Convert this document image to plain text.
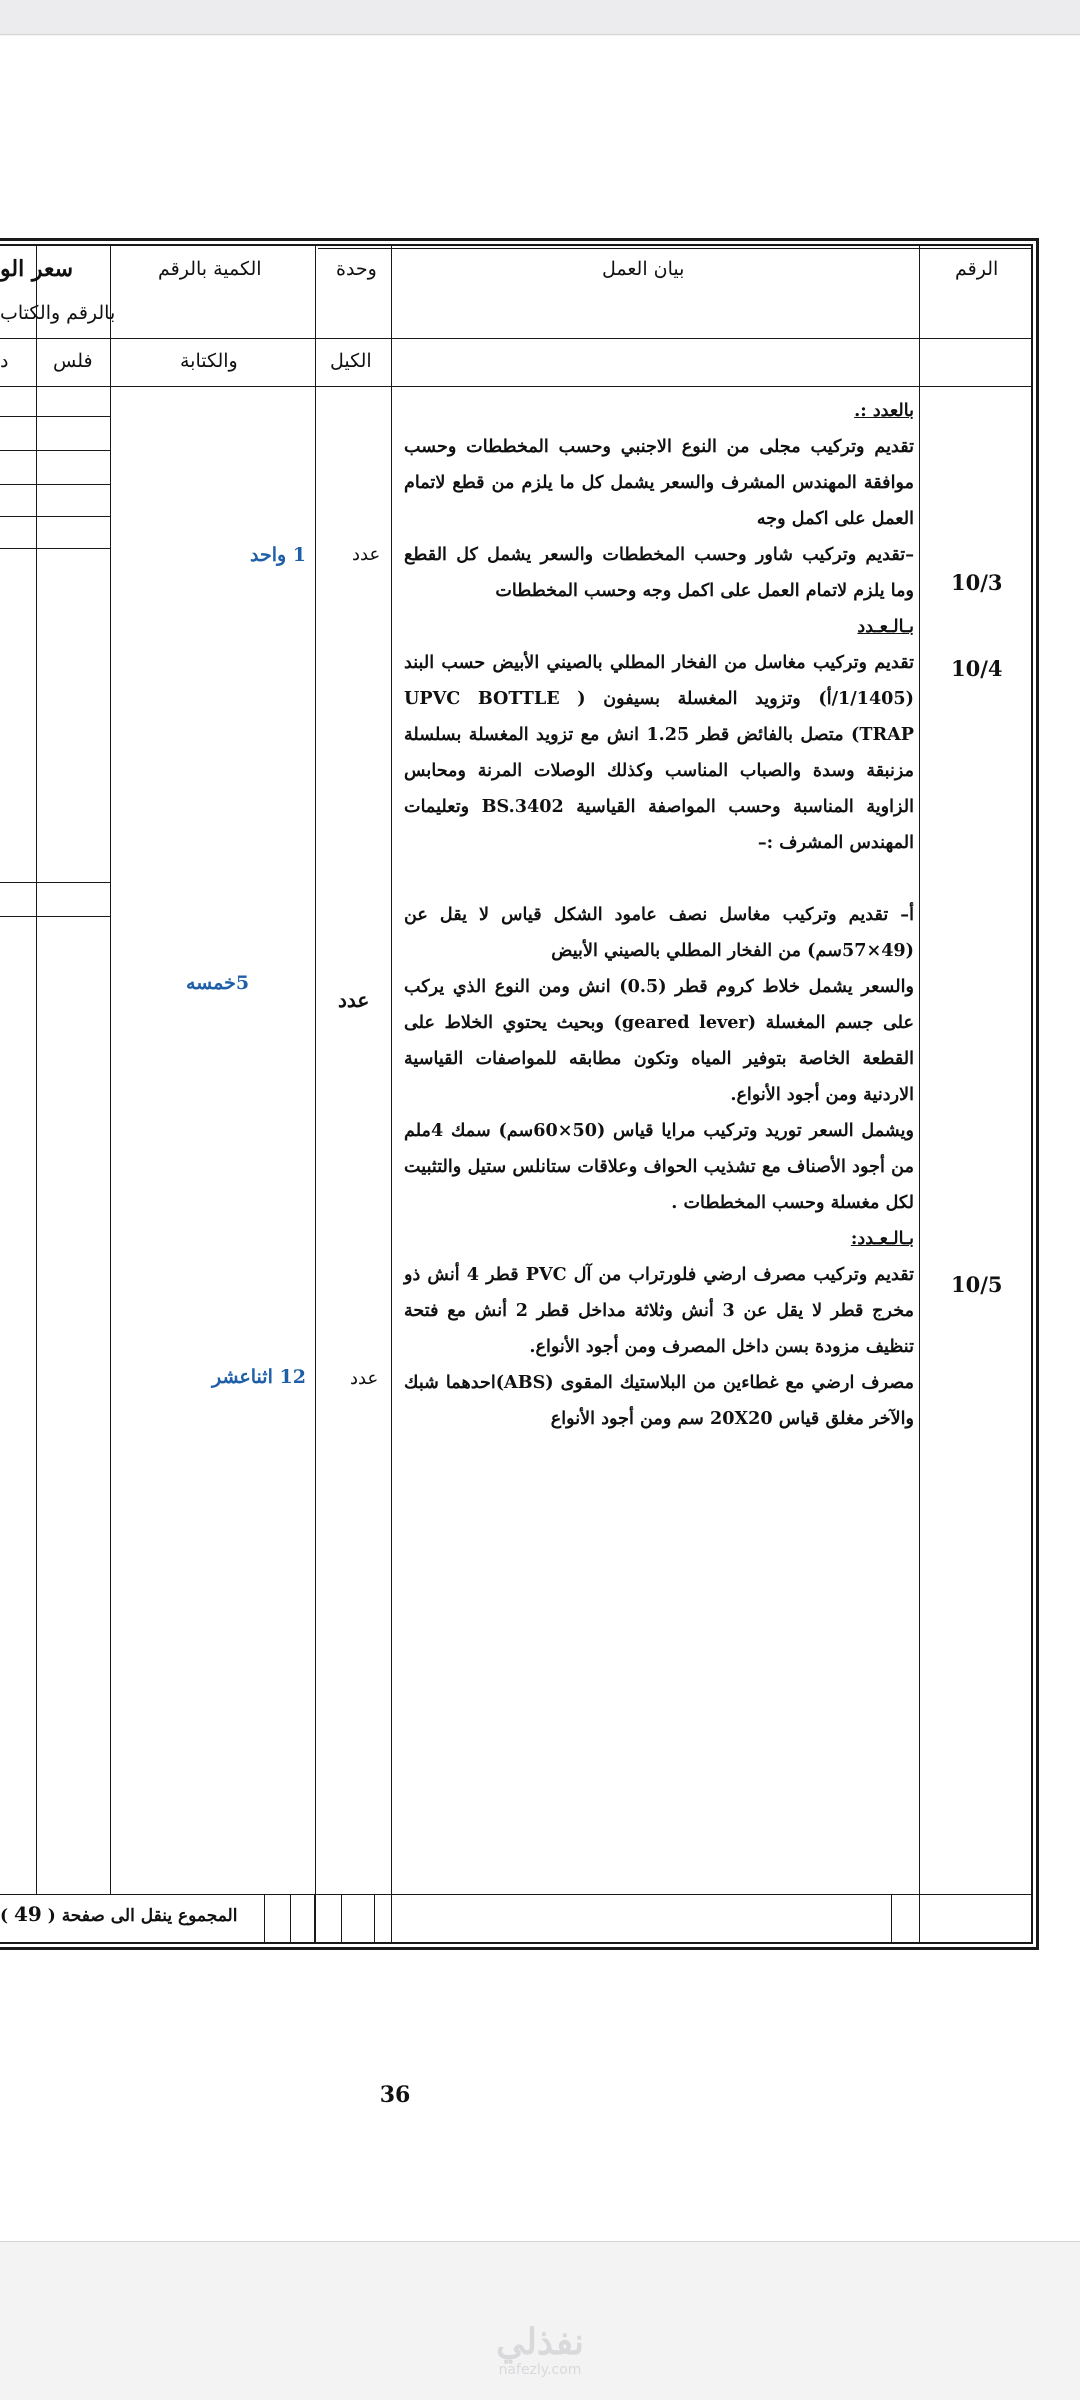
الرقم
بيان العمل
وحدة
الكيل
الكمية بالرقم
والكتابة
فلس
سعر الو
بالرقم والكتاب
د
10/3
10/4
10/5
عدد
عدد
عدد
1 واحد
5خمسه
12 اثناعشر

بالعدد :.

تقديم وتركيب مجلى من النوع الاجنبي وحسب المخططات وحسب موافقة المهندس المشرف والسعر يشمل كل ما يلزم من قطع لاتمام العمل على اكمل وجه

–تقديم وتركيب شاور وحسب المخططات والسعر يشمل كل القطع وما يلزم لاتمام العمل على اكمل وجه وحسب المخططات

بـالـعـدد

تقديم وتركيب مغاسل من الفخار المطلي بالصيني الأبيض حسب البند (1/1405/أ) وتزويد المغسلة بسيفون ( UPVC BOTTLE TRAP) متصل بالفائض قطر 1.25 انش مع تزويد المغسلة بسلسلة مزنبقة وسدة والصباب المناسب وكذلك الوصلات المرنة ومحابس الزاوية المناسبة وحسب المواصفة القياسية BS.3402 وتعليمات المهندس المشرف :–

أ– تقديم وتركيب مغاسل نصف عامود الشكل قياس لا يقل عن (49×57سم) من الفخار المطلي بالصيني الأبيض

والسعر يشمل خلاط كروم قطر (0.5) انش ومن النوع الذي يركب على جسم المغسلة (geared lever) وبحيث يحتوي الخلاط على القطعة الخاصة بتوفير المياه وتكون مطابقه للمواصفات القياسية الاردنية ومن أجود الأنواع.

ويشمل السعر توريد وتركيب مرايا قياس (50×60سم) سمك 4ملم من أجود الأصناف مع تشذيب الحواف وعلاقات ستانلس ستيل والتثبيت لكل مغسلة وحسب المخططات .

بـالـعـدد:

تقديم وتركيب مصرف ارضي فلورتراب من آل PVC قطر 4 أنش ذو مخرج قطر لا يقل عن 3 أنش وثلاثة مداخل قطر 2 أنش مع فتحة تنظيف مزودة بسن داخل المصرف ومن أجود الأنواع.

مصرف ارضي مع غطاءين من البلاستيك المقوى (ABS)احدهما شبك والآخر مغلق قياس 20X20 سم ومن أجود الأنواع

المجموع ينقل الى صفحة ( 49 )
36
نفذلي
nafezly.com
